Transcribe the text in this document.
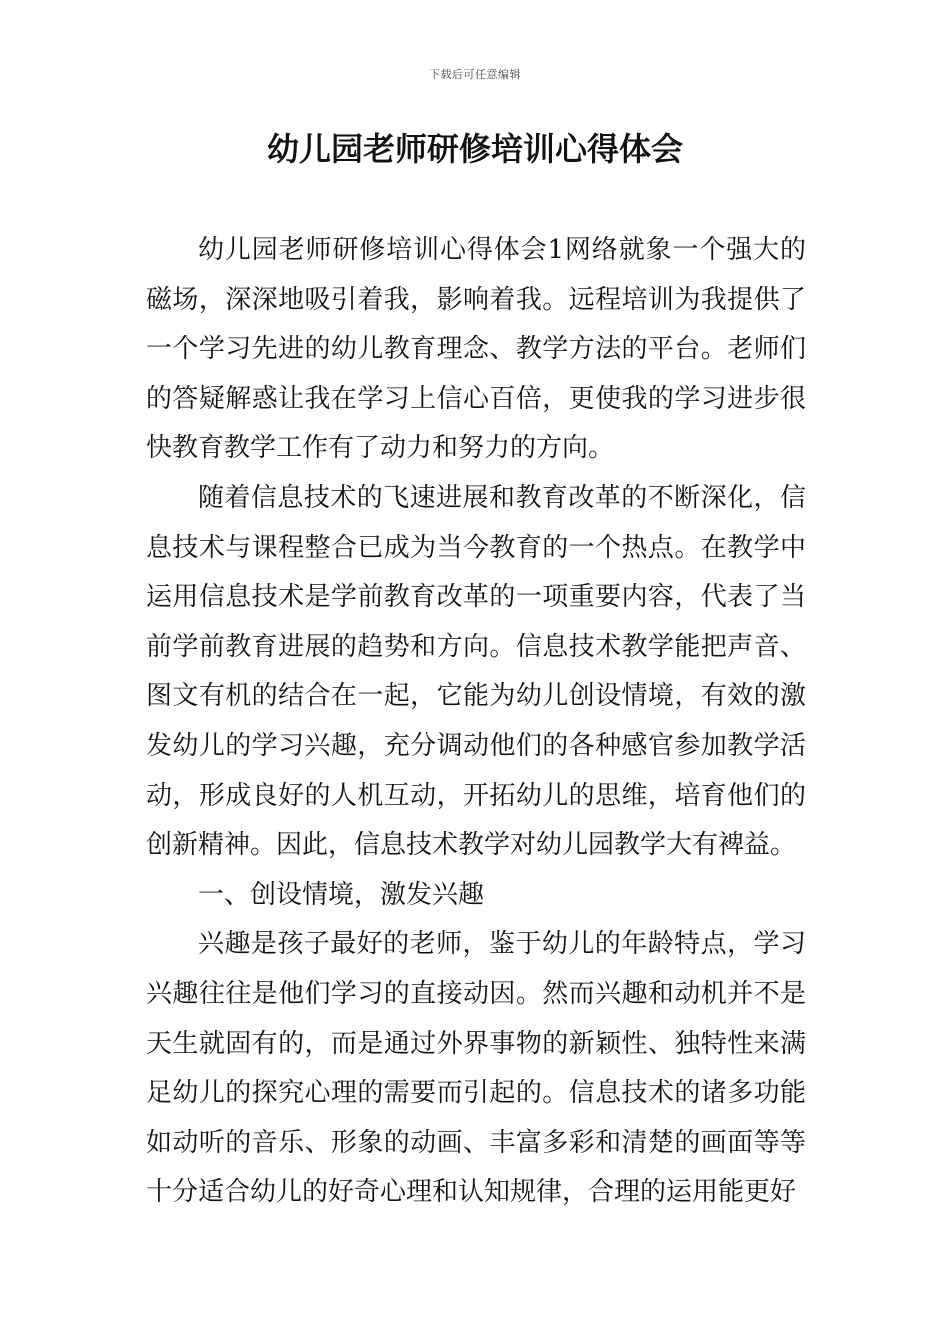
下载后可任意编辑
幼儿园老师研修培训心得体会

幼儿园老师研修培训心得体会1网络就象一个强大的磁场，深深地吸引着我，影响着我。远程培训为我提供了一个学习先进的幼儿教育理念、教学方法的平台。老师们的答疑解惑让我在学习上信心百倍，更使我的学习进步很快教育教学工作有了动力和努力的方向。

随着信息技术的飞速进展和教育改革的不断深化，信息技术与课程整合已成为当今教育的一个热点。在教学中运用信息技术是学前教育改革的一项重要内容，代表了当前学前教育进展的趋势和方向。信息技术教学能把声音、图文有机的结合在一起，它能为幼儿创设情境，有效的激发幼儿的学习兴趣，充分调动他们的各种感官参加教学活动，形成良好的人机互动，开拓幼儿的思维，培育他们的创新精神。因此，信息技术教学对幼儿园教学大有裨益。

一、创设情境，激发兴趣

兴趣是孩子最好的老师，鉴于幼儿的年龄特点，学习兴趣往往是他们学习的直接动因。然而兴趣和动机并不是天生就固有的，而是通过外界事物的新颖性、独特性来满足幼儿的探究心理的需要而引起的。信息技术的诸多功能如动听的音乐、形象的动画、丰富多彩和清楚的画面等等十分适合幼儿的好奇心理和认知规律，合理的运用能更好
